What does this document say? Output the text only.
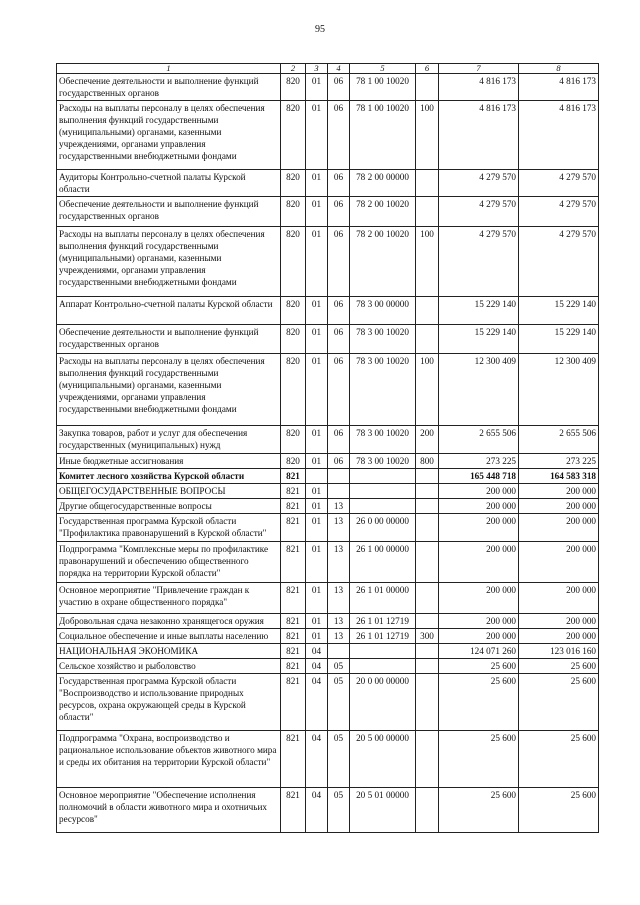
95
1	2	3	4	5	6	7	8
Обеспечение деятельности и выполнение функций государственных органов	820	01	06	78 1 00 10020		4 816 173	4 816 173
Расходы на выплаты персоналу в целях обеспечения выполнения функций государственными (муниципальными) органами, казенными учреждениями, органами управления государственными внебюджетными фондами	820	01	06	78 1 00 10020	100	4 816 173	4 816 173
Аудиторы Контрольно-счетной палаты Курской области	820	01	06	78 2 00 00000		4 279 570	4 279 570
Обеспечение деятельности и выполнение функций государственных органов	820	01	06	78 2 00 10020		4 279 570	4 279 570
Расходы на выплаты персоналу в целях обеспечения выполнения функций государственными (муниципальными) органами, казенными учреждениями, органами управления государственными внебюджетными фондами	820	01	06	78 2 00 10020	100	4 279 570	4 279 570
Аппарат Контрольно-счетной палаты Курской области	820	01	06	78 3 00 00000		15 229 140	15 229 140
Обеспечение деятельности и выполнение функций государственных органов	820	01	06	78 3 00 10020		15 229 140	15 229 140
Расходы на выплаты персоналу в целях обеспечения выполнения функций государственными (муниципальными) органами, казенными учреждениями, органами управления государственными внебюджетными фондами	820	01	06	78 3 00 10020	100	12 300 409	12 300 409
Закупка товаров, работ и услуг для обеспечения государственных (муниципальных) нужд	820	01	06	78 3 00 10020	200	2 655 506	2 655 506
Иные бюджетные ассигнования	820	01	06	78 3 00 10020	800	273 225	273 225
Комитет лесного хозяйства Курской области	821					165 448 718	164 583 318
ОБЩЕГОСУДАРСТВЕННЫЕ ВОПРОСЫ	821	01				200 000	200 000
Другие общегосударственные вопросы	821	01	13			200 000	200 000
Государственная программа Курской области "Профилактика правонарушений в Курской области"	821	01	13	26 0 00 00000		200 000	200 000
Подпрограмма "Комплексные меры по профилактике правонарушений и обеспечению общественного порядка на территории Курской области"	821	01	13	26 1 00 00000		200 000	200 000
Основное мероприятие "Привлечение граждан к участию в охране общественного порядка"	821	01	13	26 1 01 00000		200 000	200 000
Добровольная сдача незаконно хранящегося оружия	821	01	13	26 1 01 12719		200 000	200 000
Социальное обеспечение и иные выплаты населению	821	01	13	26 1 01 12719	300	200 000	200 000
НАЦИОНАЛЬНАЯ ЭКОНОМИКА	821	04				124 071 260	123 016 160
Сельское хозяйство и рыболовство	821	04	05			25 600	25 600
Государственная программа Курской области "Воспроизводство и использование природных ресурсов, охрана окружающей среды в Курской области"	821	04	05	20 0 00 00000		25 600	25 600
Подпрограмма "Охрана, воспроизводство и рациональное использование объектов животного мира и среды их обитания на территории Курской области"	821	04	05	20 5 00 00000		25 600	25 600
Основное мероприятие "Обеспечение исполнения полномочий в области животного мира и охотничьих ресурсов"	821	04	05	20 5 01 00000		25 600	25 600
